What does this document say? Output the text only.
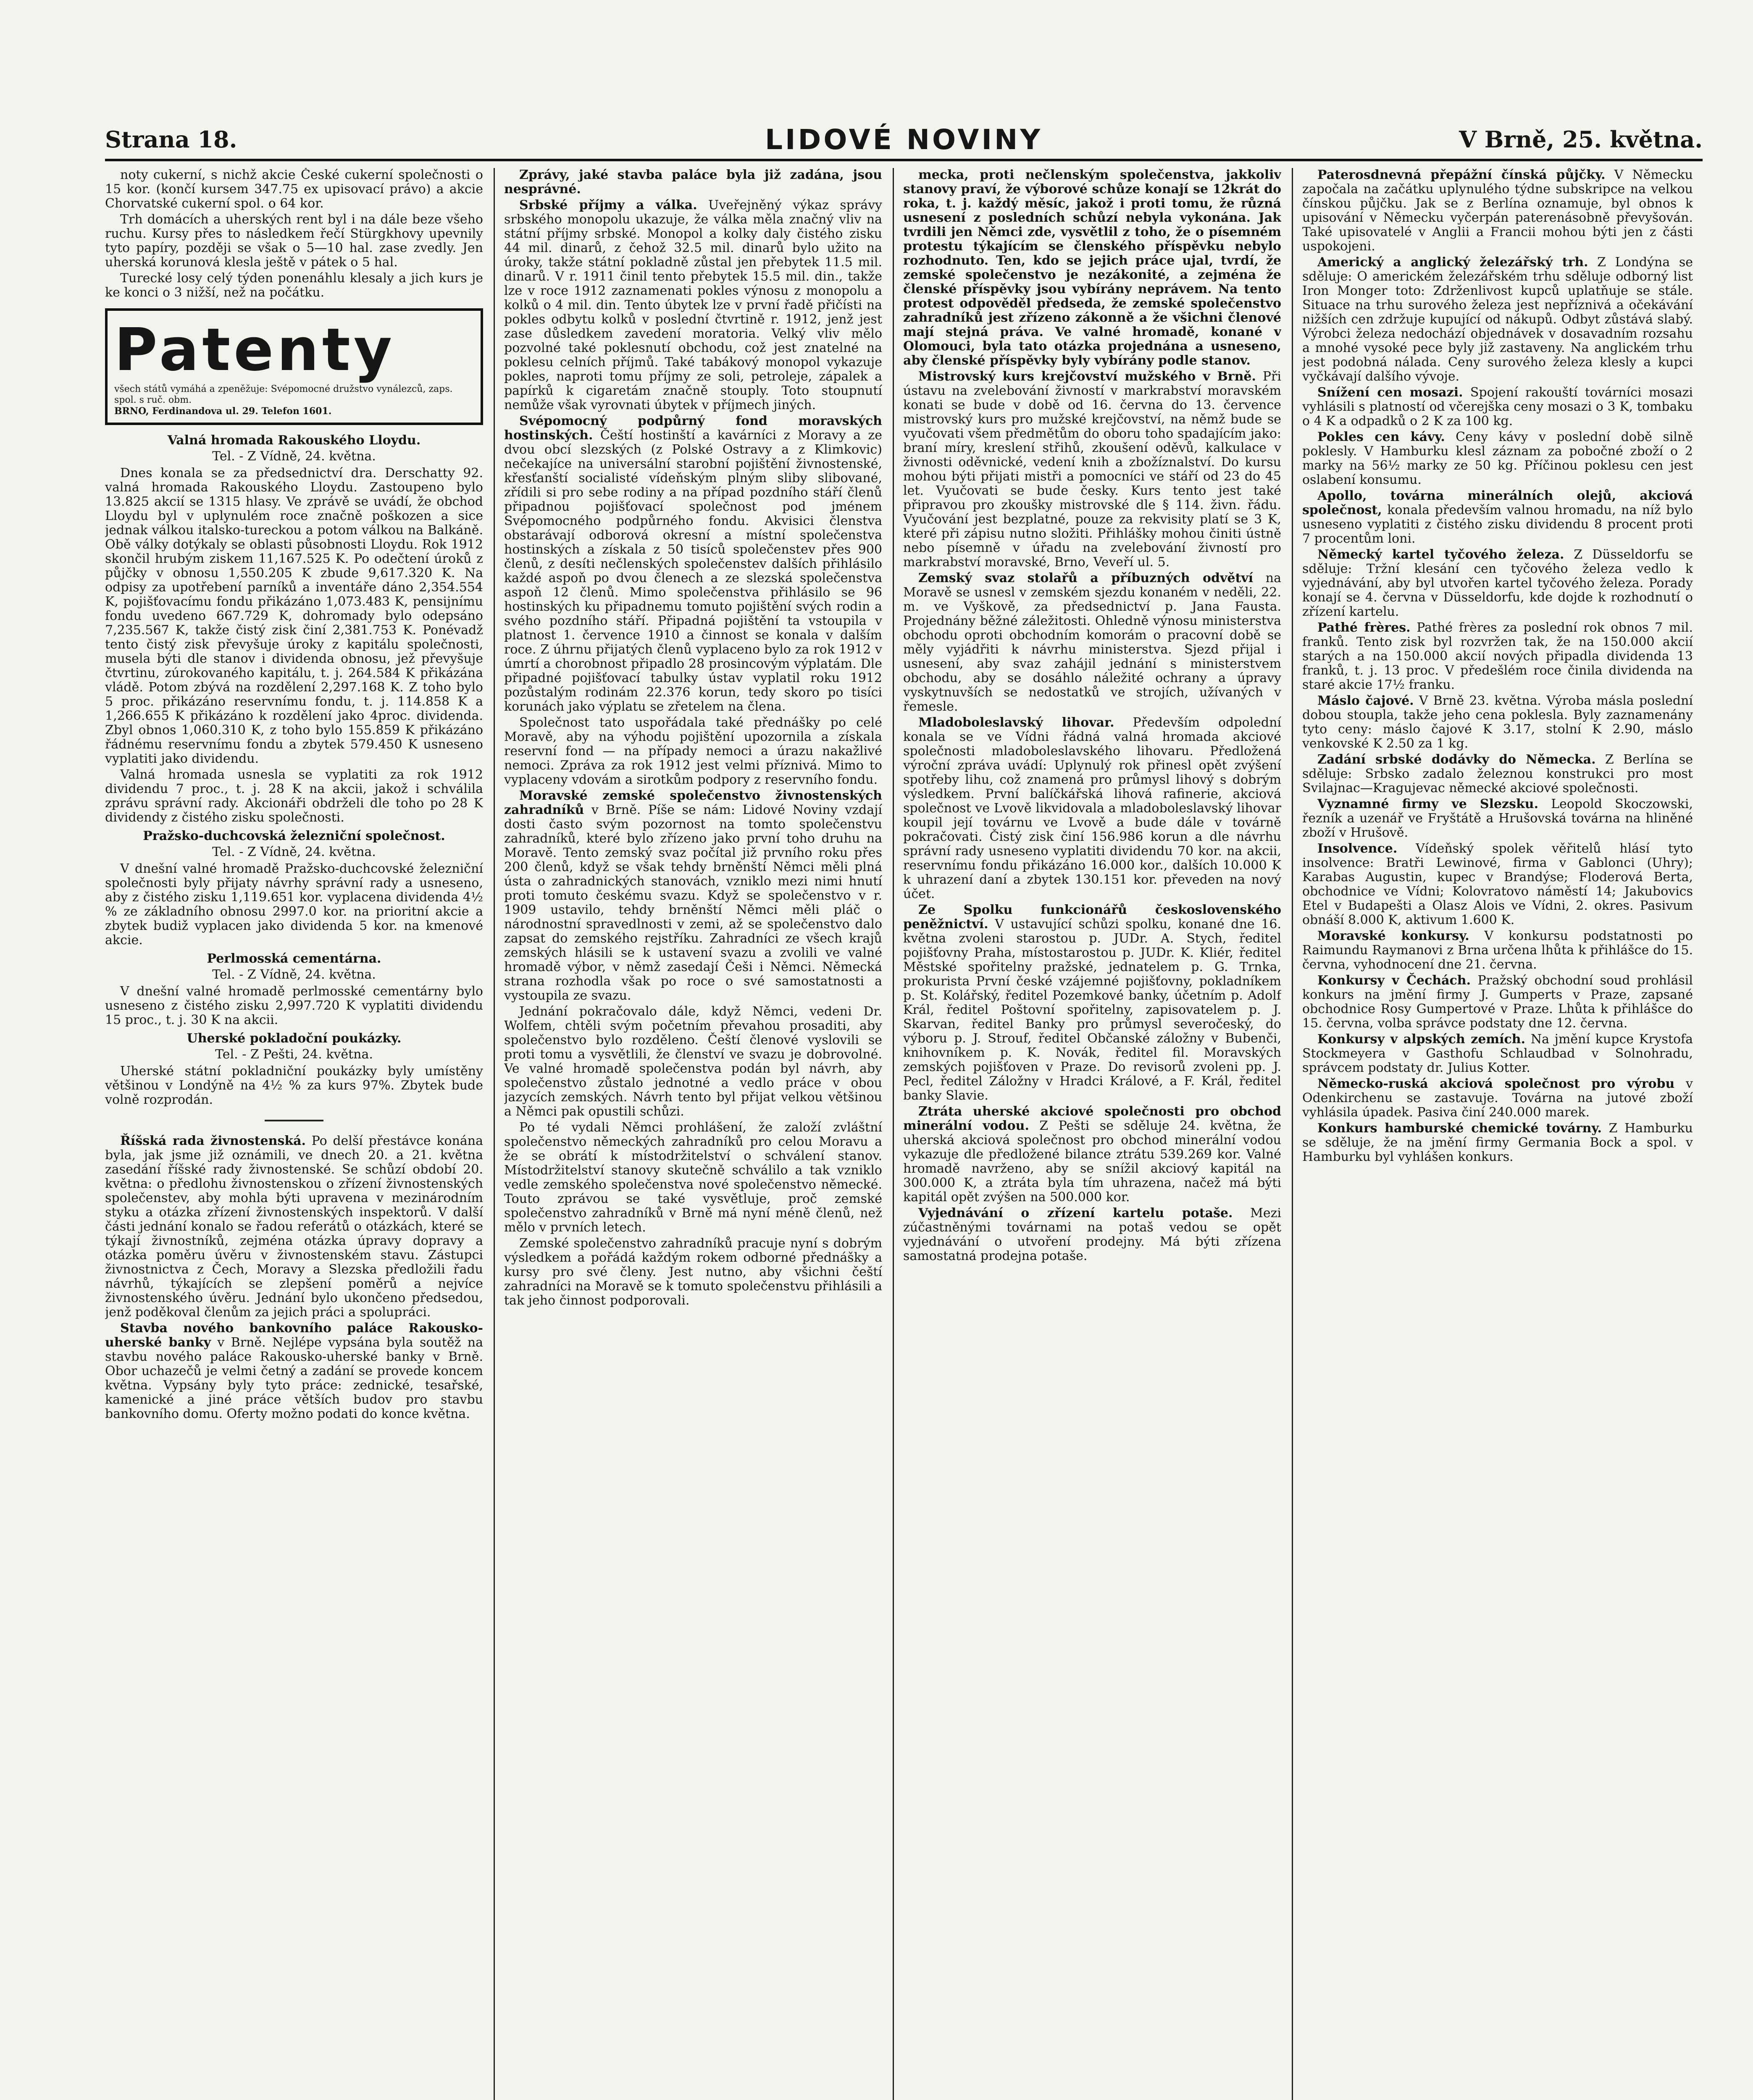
Strana 18.	LIDOVÉ NOVINY	V Brně, 25. května.

noty cukerní, s nichž akcie České cukerní společnosti o 15 kor. (končí kursem 347.75 ex upisovací právo) a akcie Chorvatské cukerní spol. o 64 kor.

Trh domácích a uherských rent byl i na dále beze všeho ruchu. Kursy přes to následkem řečí Stürgkhovy upevnily tyto papíry, později se však o 5—10 hal. zase zvedly. Jen uherská korunová klesla ještě v pátek o 5 hal.

Turecké losy celý týden ponenáhlu klesaly a jich kurs je ke konci o 3 nižší, než na počátku.

Patenty
všech států vymáhá a zpeněžuje: Svépomocné družstvo vynálezců, zaps. spol. s ruč. obm.
BRNO, Ferdinandova ul. 29. Telefon 1601.

Valná hromada Rakouského Lloydu.

Tel. - Z Vídně, 24. května.

Dnes konala se za předsednictví dra. Derschatty 92. valná hromada Rakouského Lloydu. Zastoupeno bylo 13.825 akcií se 1315 hlasy. Ve zprávě se uvádí, že obchod Lloydu byl v uplynulém roce značně poškozen a sice jednak válkou italsko-tureckou a potom válkou na Balkáně. Obě války dotýkaly se oblasti působnosti Lloydu. Rok 1912 skončil hrubým ziskem 11,167.525 K. Po odečtení úroků z půjčky v obnosu 1,550.205 K zbude 9,617.320 K. Na odpisy za upotřebení parníků a inventáře dáno 2,354.554 K, pojišťovacímu fondu přikázáno 1,073.483 K, pensijnímu fondu uvedeno 667.729 K, dohromady bylo odepsáno 7,235.567 K, takže čistý zisk činí 2,381.753 K. Ponévadž tento čistý zisk převyšuje úroky z kapitálu společnosti, musela býti dle stanov i dividenda obnosu, jež převyšuje čtvrtinu, zúrokovaného kapitálu, t. j. 264.584 K přikázána vládě. Potom zbývá na rozdělení 2,297.168 K. Z toho bylo 5 proc. přikázáno reservnímu fondu, t. j. 114.858 K a 1,266.655 K přikázáno k rozdělení jako 4proc. dividenda. Zbyl obnos 1,060.310 K, z toho bylo 155.859 K přikázáno řádnému reservnímu fondu a zbytek 579.450 K usneseno vyplatiti jako dividendu.

Valná hromada usnesla se vyplatiti za rok 1912 dividendu 7 proc., t. j. 28 K na akcii, jakož i schválila zprávu správní rady. Akcionáři obdrželi dle toho po 28 K dividendy z čistého zisku společnosti.

Pražsko-duchcovská železniční společnost.

Tel. - Z Vídně, 24. května.

V dnešní valné hromadě Pražsko-duchcovské železniční společnosti byly přijaty návrhy správní rady a usneseno, aby z čistého zisku 1,119.651 kor. vyplacena dividenda 4½ % ze základního obnosu 2997.0 kor. na prioritní akcie a zbytek budiž vyplacen jako dividenda 5 kor. na kmenové akcie.

Perlmosská cementárna.

Tel. - Z Vídně, 24. května.

V dnešní valné hromadě perlmosské cementárny bylo usneseno z čistého zisku 2,997.720 K vyplatiti dividendu 15 proc., t. j. 30 K na akcii.

Uherské pokladoční poukázky.

Tel. - Z Pešti, 24. května.

Uherské státní pokladniční poukázky byly umístěny většinou v Londýně na 4½ % za kurs 97%. Zbytek bude volně rozprodán.

Říšská rada živnostenská. Po delší přestávce konána byla, jak jsme již oznámili, ve dnech 20. a 21. května zasedání říšské rady živnostenské. Se schůzí období 20. května: o předlohu živnostenskou o zřízení živnostenských společenstev, aby mohla býti upravena v mezinárodním styku a otázka zřízení živnostenských inspektorů. V další části jednání konalo se řadou referátů o otázkách, které se týkají živnostníků, zejména otázka úpravy dopravy a otázka poměru úvěru v živnostenském stavu. Zástupci živnostnictva z Čech, Moravy a Slezska předložili řadu návrhů, týkajících se zlepšení poměrů a nejvíce živnostenského úvěru. Jednání bylo ukončeno předsedou, jenž poděkoval členům za jejich práci a spolupráci.

Stavba nového bankovního paláce Rakousko-uherské banky v Brně. Nejlépe vypsána byla soutěž na stavbu nového paláce Rakousko-uherské banky v Brně. Obor uchazečů je velmi četný a zadání se provede koncem května. Vypsány byly tyto práce: zednické, tesařské, kamenické a jiné práce větších budov pro stavbu bankovního domu. Oferty možno podati do konce května.

Zprávy, jaké stavba paláce byla již zadána, jsou nesprávné.

Srbské příjmy a válka. Uveřejněný výkaz správy srbského monopolu ukazuje, že válka měla značný vliv na státní příjmy srbské. Monopol a kolky daly čistého zisku 44 mil. dinarů, z čehož 32.5 mil. dinarů bylo užito na úroky, takže státní pokladně zůstal jen přebytek 11.5 mil. dinarů. V r. 1911 činil tento přebytek 15.5 mil. din., takže lze v roce 1912 zaznamenati pokles výnosu z monopolu a kolků o 4 mil. din. Tento úbytek lze v první řadě přičísti na pokles odbytu kolků v poslední čtvrtině r. 1912, jenž jest zase důsledkem zavedení moratoria. Velký vliv mělo pozvolné také poklesnutí obchodu, což jest znatelné na poklesu celních příjmů. Také tabákový monopol vykazuje pokles, naproti tomu příjmy ze soli, petroleje, zápalek a papírků k cigaretám značně stouply. Toto stoupnutí nemůže však vyrovnati úbytek v příjmech jiných.

Svépomocný podpůrný fond moravských hostinských. Čeští hostinští a kavárníci z Moravy a ze dvou obcí slezských (z Polské Ostravy a z Klimkovic) nečekajíce na universální starobní pojištění živnostenské, křesťanští socialisté vídeňským plným sliby slibované, zřídili si pro sebe rodiny a na případ pozdního stáří členů připadnou pojišťovací společnost pod jménem Svépomocného podpůrného fondu. Akvisici členstva obstarávají odborová okresní a místní společenstva hostinských a získala z 50 tisíců společenstev přes 900 členů, z desíti nečlenských společenstev dalších přihlásilo každé aspoň po dvou členech a ze slezská společenstva aspoň 12 členů. Mimo společenstva přihlásilo se 96 hostinských ku připadnemu tomuto pojištění svých rodin a svého pozdního stáří. Připadná pojištění ta vstoupila v platnost 1. července 1910 a činnost se konala v dalším roce. Z úhrnu přijatých členů vyplaceno bylo za rok 1912 v úmrtí a chorobnost připadlo 28 prosincovým výplatám. Dle připadné pojišťovací tabulky ústav vyplatil roku 1912 pozůstalým rodinám 22.376 korun, tedy skoro po tisíci korunách jako výplatu se zřetelem na člena.

Společnost tato uspořádala také přednášky po celé Moravě, aby na výhodu pojištění upozornila a získala reservní fond — na případy nemoci a úrazu nakažlivé nemoci. Zpráva za rok 1912 jest velmi příznivá. Mimo to vyplaceny vdovám a sirotkům podpory z reservního fondu.

Moravské zemské společenstvo živnostenských zahradníků v Brně. Píše se nám: Lidové Noviny vzdají dosti často svým pozornost na tomto společenstvu zahradníků, které bylo zřízeno jako první toho druhu na Moravě. Tento zemský svaz počítal již prvního roku přes 200 členů, když se však tehdy brněnští Němci měli plná ústa o zahradnických stanovách, vzniklo mezi nimi hnutí proti tomuto českému svazu. Když se společenstvo v r. 1909 ustavilo, tehdy brněnští Němci měli pláč o národnostní spravedlnosti v zemi, až se společenstvo dalo zapsat do zemského rejstříku. Zahradníci ze všech krajů zemských hlásili se k ustavení svazu a zvolili ve valné hromadě výbor, v němž zasedají Češi i Němci. Německá strana rozhodla však po roce o své samostatnosti a vystoupila ze svazu.

Jednání pokračovalo dále, když Němci, vedeni Dr. Wolfem, chtěli svým početním převahou prosaditi, aby společenstvo bylo rozděleno. Čeští členové vyslovili se proti tomu a vysvětlili, že členství ve svazu je dobrovolné. Ve valné hromadě společenstva podán byl návrh, aby společenstvo zůstalo jednotné a vedlo práce v obou jazycích zemských. Návrh tento byl přijat velkou většinou a Němci pak opustili schůzi.

Po té vydali Němci prohlášení, že založí zvláštní společenstvo německých zahradníků pro celou Moravu a že se obrátí k místodržitelství o schválení stanov. Místodržitelství stanovy skutečně schválilo a tak vzniklo vedle zemského společenstva nové společenstvo německé. Touto zprávou se také vysvětluje, proč zemské společenstvo zahradníků v Brně má nyní méně členů, než mělo v prvních letech.

Zemské společenstvo zahradníků pracuje nyní s dobrým výsledkem a pořádá každým rokem odborné přednášky a kursy pro své členy. Jest nutno, aby všichni čeští zahradníci na Moravě se k tomuto společenstvu přihlásili a tak jeho činnost podporovali.

mecka, proti nečlenským společenstva, jakkoliv stanovy praví, že výborové schůze konají se 12krát do roka, t. j. každý měsíc, jakož i proti tomu, že různá usnesení z posledních schůzí nebyla vykonána. Jak tvrdili jen Němci zde, vysvětlil z toho, že o písemném protestu týkajícím se členského příspěvku nebylo rozhodnuto. Ten, kdo se jejich práce ujal, tvrdí, že zemské společenstvo je nezákonité, a zejména že členské příspěvky jsou vybírány neprávem. Na tento protest odpověděl předseda, že zemské společenstvo zahradníků jest zřízeno zákonně a že všichni členové mají stejná práva. Ve valné hromadě, konané v Olomouci, byla tato otázka projednána a usneseno, aby členské příspěvky byly vybírány podle stanov.

Mistrovský kurs krejčovství mužského v Brně. Při ústavu na zvelebování živností v markrabství moravském konati se bude v době od 16. června do 13. července mistrovský kurs pro mužské krejčovství, na němž bude se vyučovati všem předmětům do oboru toho spadajícím jako: braní míry, kreslení střihů, zkoušení oděvů, kalkulace v živnosti oděvnické, vedení knih a zbožíznalství. Do kursu mohou býti přijati mistři a pomocníci ve stáří od 23 do 45 let. Vyučovati se bude česky. Kurs tento jest také připravou pro zkoušky mistrovské dle § 114. živn. řádu. Vyučování jest bezplatné, pouze za rekvisity platí se 3 K, které při zápisu nutno složiti. Přihlášky mohou činiti ústně nebo písemně v úřadu na zvelebování živností pro markrabství moravské, Brno, Veveří ul. 5.

Zemský svaz stolařů a příbuzných odvětví na Moravě se usnesl v zemském sjezdu konaném v neděli, 22. m. ve Vyškově, za předsednictví p. Jana Fausta. Projednány běžné záležitosti. Ohledně výnosu ministerstva obchodu oproti obchodním komorám o pracovní době se měly vyjádřiti k návrhu ministerstva. Sjezd přijal i usnesení, aby svaz zahájil jednání s ministerstvem obchodu, aby se dosáhlo náležité ochrany a úpravy vyskytnuvších se nedostatků ve strojích, užívaných v řemesle.

Mladoboleslavský lihovar. Především odpolední konala se ve Vídni řádná valná hromada akciové společnosti mladoboleslavského lihovaru. Předložená výroční zpráva uvádí: Uplynulý rok přinesl opět zvýšení spotřeby lihu, což znamená pro průmysl lihový s dobrým výsledkem. První balíčkářská lihová rafinerie, akciová společnost ve Lvově likvidovala a mladoboleslavský lihovar koupil její továrnu ve Lvově a bude dále v továrně pokračovati. Čistý zisk činí 156.986 korun a dle návrhu správní rady usneseno vyplatiti dividendu 70 kor. na akcii, reservnímu fondu přikázáno 16.000 kor., dalších 10.000 K k uhrazení daní a zbytek 130.151 kor. převeden na nový účet.

Ze Spolku funkcionářů československého peněžnictví. V ustavující schůzi spolku, konané dne 16. května zvoleni starostou p. JUDr. A. Stych, ředitel pojišťovny Praha, místostarostou p. JUDr. K. Kliér, ředitel Městské spořitelny pražské, jednatelem p. G. Trnka, prokurista První české vzájemné pojišťovny, pokladníkem p. St. Kolářský, ředitel Pozemkové banky, účetním p. Adolf Král, ředitel Poštovní spořitelny, zapisovatelem p. J. Skarvan, ředitel Banky pro průmysl severočeský, do výboru p. J. Strouf, ředitel Občanské záložny v Bubenči, knihovníkem p. K. Novák, ředitel fil. Moravských zemských pojišťoven v Praze. Do revisorů zvoleni pp. J. Pecl, ředitel Záložny v Hradci Králové, a F. Král, ředitel banky Slavie.

Ztráta uherské akciové společnosti pro obchod minerální vodou. Z Pešti se sděluje 24. května, že uherská akciová společnost pro obchod minerální vodou vykazuje dle předložené bilance ztrátu 539.269 kor. Valné hromadě navrženo, aby se snížil akciový kapitál na 300.000 K, a ztráta byla tím uhrazena, načež má býti kapitál opět zvýšen na 500.000 kor.

Vyjednávání o zřízení kartelu potaše. Mezi zúčastněnými továrnami na potaš vedou se opět vyjednávání o utvoření prodejny. Má býti zřízena samostatná prodejna potaše.

Paterosdnevná přepážní čínská půjčky. V Německu započala na začátku uplynulého týdne subskripce na velkou čínskou půjčku. Jak se z Berlína oznamuje, byl obnos k upisování v Německu vyčerpán paterenásobně převyšován. Také upisovatelé v Anglii a Francii mohou býti jen z části uspokojeni.

Americký a anglický železářský trh. Z Londýna se sděluje: O americkém železářském trhu sděluje odborný list Iron Monger toto: Zdrženlivost kupců uplatňuje se stále. Situace na trhu surového železa jest nepříznivá a očekávání nižších cen zdržuje kupující od nákupů. Odbyt zůstává slabý. Výrobci železa nedochází objednávek v dosavadním rozsahu a mnohé vysoké pece byly již zastaveny. Na anglickém trhu jest podobná nálada. Ceny surového železa klesly a kupci vyčkávají dalšího vývoje.

Snížení cen mosazi. Spojení rakouští továrníci mosazi vyhlásili s platností od včerejška ceny mosazi o 3 K, tombaku o 4 K a odpadků o 2 K za 100 kg.

Pokles cen kávy. Ceny kávy v poslední době silně poklesly. V Hamburku klesl záznam za pobočné zboží o 2 marky na 56½ marky ze 50 kg. Příčinou poklesu cen jest oslabení konsumu.

Apollo, továrna minerálních olejů, akciová společnost, konala především valnou hromadu, na níž bylo usneseno vyplatiti z čistého zisku dividendu 8 procent proti 7 procentům loni.

Německý kartel tyčového železa. Z Düsseldorfu se sděluje: Tržní klesání cen tyčového železa vedlo k vyjednávání, aby byl utvořen kartel tyčového železa. Porady konají se 4. června v Düsseldorfu, kde dojde k rozhodnutí o zřízení kartelu.

Pathé frères. Pathé frères za poslední rok obnos 7 mil. franků. Tento zisk byl rozvržen tak, že na 150.000 akcií starých a na 150.000 akcií nových připadla dividenda 13 franků, t. j. 13 proc. V předešlém roce činila dividenda na staré akcie 17½ franku.

Máslo čajové. V Brně 23. května. Výroba másla poslední dobou stoupla, takže jeho cena poklesla. Byly zaznamenány tyto ceny: máslo čajové K 3.17, stolní K 2.90, máslo venkovské K 2.50 za 1 kg.

Zadání srbské dodávky do Německa. Z Berlína se sděluje: Srbsko zadalo železnou konstrukci pro most Svilajnac—Kragujevac německé akciové společnosti.

Vyznamné firmy ve Slezsku. Leopold Skoczowski, řezník a uzenář ve Fryštátě a Hrušovská továrna na hliněné zboží v Hrušově.

Insolvence. Vídeňský spolek věřitelů hlásí tyto insolvence: Bratři Lewinové, firma v Gablonci (Uhry); Karabas Augustin, kupec v Brandýse; Floderová Berta, obchodnice ve Vídni; Kolovratovo náměstí 14; Jakubovics Etel v Budapešti a Olasz Alois ve Vídni, 2. okres. Pasivum obnáší 8.000 K, aktivum 1.600 K.

Moravské konkursy. V konkursu podstatnosti po Raimundu Raymanovi z Brna určena lhůta k přihlášce do 15. června, vyhodnocení dne 21. června.

Konkursy v Čechách. Pražský obchodní soud prohlásil konkurs na jmění firmy J. Gumperts v Praze, zapsané obchodnice Rosy Gumpertové v Praze. Lhůta k přihlášce do 15. června, volba správce podstaty dne 12. června.

Konkursy v alpských zemích. Na jmění kupce Krystofa Stockmeyera v Gasthofu Schlaudbad v Solnohradu, správcem podstaty dr. Julius Kotter.

Německo-ruská akciová společnost pro výrobu v Odenkirchenu se zastavuje. Továrna na jutové zboží vyhlásila úpadek. Pasiva činí 240.000 marek.

Konkurs hamburské chemické továrny. Z Hamburku se sděluje, že na jmění firmy Germania Bock a spol. v Hamburku byl vyhlášen konkurs.
